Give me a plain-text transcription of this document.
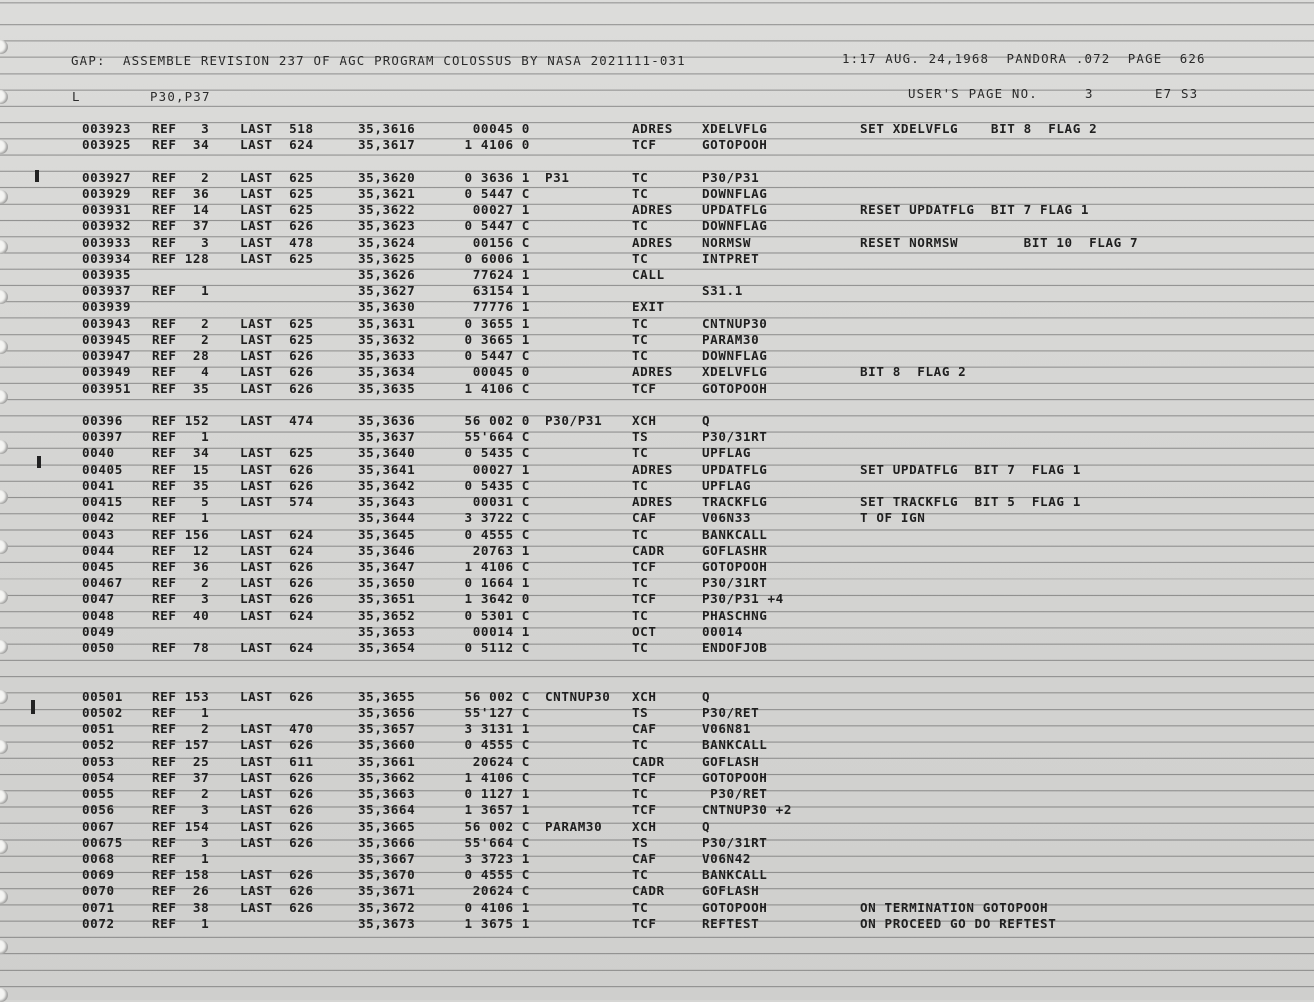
GAP:  ASSEMBLE REVISION 237 OF AGC PROGRAM COLOSSUS BY NASA 2021111-031	1:17 AUG. 24,1968  PANDORA .072  PAGE  626
L	P30,P37	USER'S PAGE NO.	3	E7 S3
003923 REF   3 LAST  518	35,3616	00045 0	ADRES XDELVFLG	SET XDELVFLG    BIT 8  FLAG 2
003925 REF  34 LAST  624	35,3617	1 4106 0	TCF	GOTOPOOH
003927 REF   2 LAST  625	35,3620	0 3636 1 P31	TC	P30/P31
003929 REF  36 LAST  625	35,3621	0 5447 C	TC	DOWNFLAG
003931 REF  14 LAST  625	35,3622	00027 1	ADRES UPDATFLG	RESET UPDATFLG  BIT 7 FLAG 1
003932 REF  37 LAST  626	35,3623	0 5447 C	TC	DOWNFLAG
003933 REF   3 LAST  478	35,3624	00156 C	ADRES NORMSW	RESET NORMSW        BIT 10  FLAG 7
003934 REF 128 LAST  625	35,3625	0 6006 1	TC	INTPRET
003935	35,3626	77624 1	CALL
003937 REF   1	35,3627	63154 1	S31.1
003939	35,3630	77776 1	EXIT
003943 REF   2 LAST  625	35,3631	0 3655 1	TC	CNTNUP30
003945 REF   2 LAST  625	35,3632	0 3665 1	TC	PARAM30
003947 REF  28 LAST  626	35,3633	0 5447 C	TC	DOWNFLAG
003949 REF   4 LAST  626	35,3634	00045 0	ADRES XDELVFLG	BIT 8  FLAG 2
003951 REF  35 LAST  626	35,3635	1 4106 C	TCF	GOTOPOOH
00396 REF 152 LAST  474	35,3636	56 002 0 P30/P31 XCH	Q
00397 REF   1	35,3637	55'664 C	TS	P30/31RT
0040	REF  34 LAST  625	35,3640	0 5435 C	TC	UPFLAG
00405 REF  15 LAST  626	35,3641	00027 1	ADRES UPDATFLG	SET UPDATFLG  BIT 7  FLAG 1
0041	REF  35 LAST  626	35,3642	0 5435 C	TC	UPFLAG
00415 REF   5 LAST  574	35,3643	00031 C	ADRES TRACKFLG	SET TRACKFLG  BIT 5  FLAG 1
0042	REF   1	35,3644	3 3722 C	CAF	V06N33	T OF IGN
0043	REF 156 LAST  624	35,3645	0 4555 C	TC	BANKCALL
0044	REF  12 LAST  624	35,3646	20763 1	CADR	GOFLASHR
0045	REF  36 LAST  626	35,3647	1 4106 C	TCF	GOTOPOOH
00467 REF   2 LAST  626	35,3650	0 1664 1	TC	P30/31RT
0047	REF   3 LAST  626	35,3651	1 3642 0	TCF	P30/P31 +4
0048	REF  40 LAST  624	35,3652	0 5301 C	TC	PHASCHNG
0049	35,3653	00014 1	OCT	00014
0050	REF  78 LAST  624	35,3654	0 5112 C	TC	ENDOFJOB
00501 REF 153 LAST  626	35,3655	56 002 C CNTNUP30 XCH	Q
00502 REF   1	35,3656	55'127 C	TS	P30/RET
0051	REF   2 LAST  470	35,3657	3 3131 1	CAF	V06N81
0052	REF 157 LAST  626	35,3660	0 4555 C	TC	BANKCALL
0053	REF  25 LAST  611	35,3661	20624 C	CADR	GOFLASH
0054	REF  37 LAST  626	35,3662	1 4106 C	TCF	GOTOPOOH
0055	REF   2 LAST  626	35,3663	0 1127 1	TC	P30/RET
0056	REF   3 LAST  626	35,3664	1 3657 1	TCF	CNTNUP30 +2
0067	REF 154 LAST  626	35,3665	56 002 C PARAM30 XCH	Q
00675 REF   3 LAST  626	35,3666	55'664 C	TS	P30/31RT
0068	REF   1	35,3667	3 3723 1	CAF	V06N42
0069	REF 158 LAST  626	35,3670	0 4555 C	TC	BANKCALL
0070	REF  26 LAST  626	35,3671	20624 C	CADR	GOFLASH
0071	REF  38 LAST  626	35,3672	0 4106 1	TC	GOTOPOOH	ON TERMINATION GOTOPOOH
0072	REF   1	35,3673	1 3675 1	TCF	REFTEST	ON PROCEED GO DO REFTEST
